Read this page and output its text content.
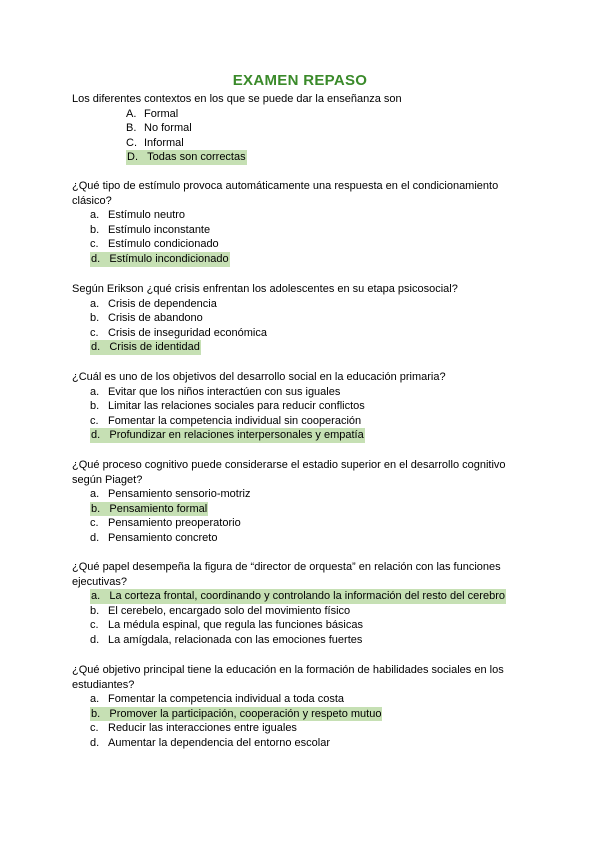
EXAMEN REPASO

Los diferentes contextos en los que se puede dar la enseñanza son

A. Formal
B. No formal
C. Informal
D. Todas son correctas

¿Qué tipo de estímulo provoca automáticamente una respuesta en el condicionamiento clásico?

a. Estímulo neutro
b. Estímulo inconstante
c. Estímulo condicionado
d. Estímulo incondicionado

Según Erikson ¿qué crisis enfrentan los adolescentes en su etapa psicosocial?

a. Crisis de dependencia
b. Crisis de abandono
c. Crisis de inseguridad económica
d. Crisis de identidad

¿Cuál es uno de los objetivos del desarrollo social en la educación primaria?

a. Evitar que los niños interactúen con sus iguales
b. Limitar las relaciones sociales para reducir conflictos
c. Fomentar la competencia individual sin cooperación
d. Profundizar en relaciones interpersonales y empatía

¿Qué proceso cognitivo puede considerarse el estadio superior en el desarrollo cognitivo según Piaget?

a. Pensamiento sensorio-motriz
b. Pensamiento formal
c. Pensamiento preoperatorio
d. Pensamiento concreto

¿Qué papel desempeña la figura de “director de orquesta” en relación con las funciones ejecutivas?

a. La corteza frontal, coordinando y controlando la información del resto del cerebro
b. El cerebelo, encargado solo del movimiento físico
c. La médula espinal, que regula las funciones básicas
d. La amígdala, relacionada con las emociones fuertes

¿Qué objetivo principal tiene la educación en la formación de habilidades sociales en los estudiantes?

a. Fomentar la competencia individual a toda costa
b. Promover la participación, cooperación y respeto mutuo
c. Reducir las interacciones entre iguales
d. Aumentar la dependencia del entorno escolar
